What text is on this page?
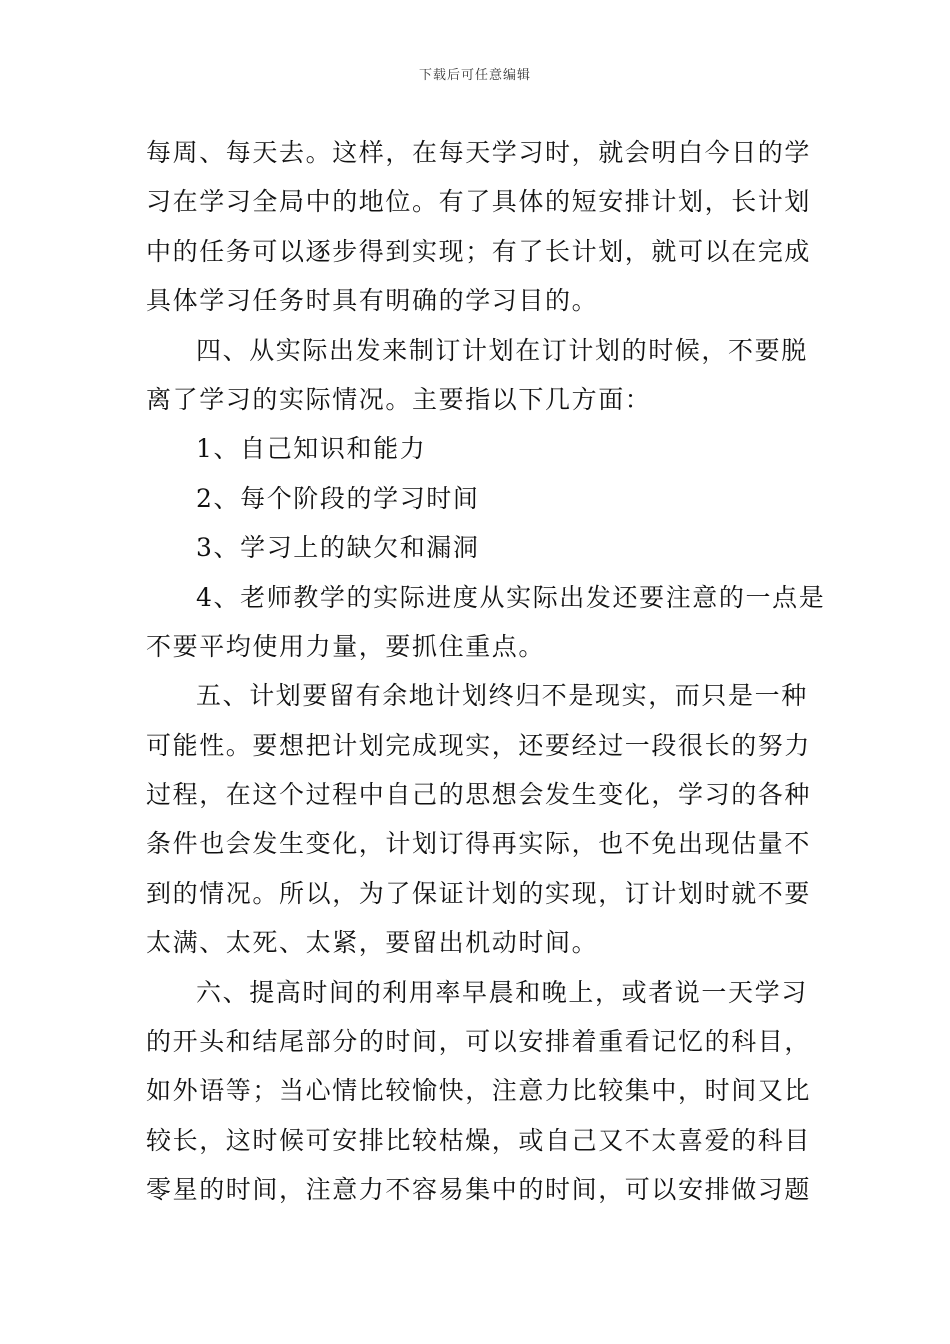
下载后可任意编辑
每周、每天去。这样，在每天学习时，就会明白今日的学
习在学习全局中的地位。有了具体的短安排计划，长计划
中的任务可以逐步得到实现；有了长计划，就可以在完成
具体学习任务时具有明确的学习目的。
四、从实际出发来制订计划在订计划的时候，不要脱
离了学习的实际情况。主要指以下几方面：
1、自己知识和能力
2、每个阶段的学习时间
3、学习上的缺欠和漏洞
4、老师教学的实际进度从实际出发还要注意的一点是
不要平均使用力量，要抓住重点。
五、计划要留有余地计划终归不是现实，而只是一种
可能性。要想把计划完成现实，还要经过一段很长的努力
过程，在这个过程中自己的思想会发生变化，学习的各种
条件也会发生变化，计划订得再实际，也不免出现估量不
到的情况。所以，为了保证计划的实现，订计划时就不要
太满、太死、太紧，要留出机动时间。
六、提高时间的利用率早晨和晚上，或者说一天学习
的开头和结尾部分的时间，可以安排着重看记忆的科目，
如外语等；当心情比较愉快，注意力比较集中，时间又比
较长，这时候可安排比较枯燥，或自己又不太喜爱的科目
零星的时间，注意力不容易集中的时间，可以安排做习题
